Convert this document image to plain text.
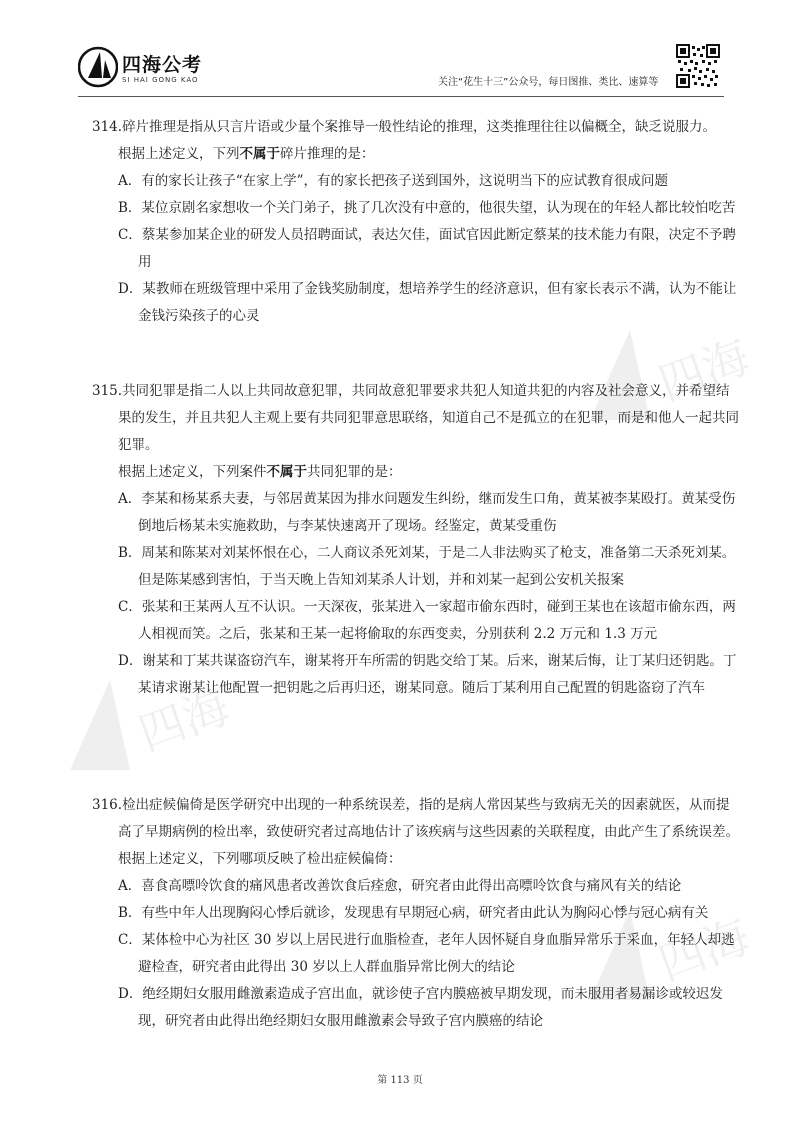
四海
四海
四海
四海公考
SI HAI GONG KAO	关注“花生十三”公众号，每日图推、类比、速算等

314.碎片推理是指从只言片语或少量个案推导一般性结论的推理，这类推理往往以偏概全，缺乏说服力。

根据上述定义，下列不属于碎片推理的是：

A．有的家长让孩子“在家上学”，有的家长把孩子送到国外，这说明当下的应试教育很成问题

B．某位京剧名家想收一个关门弟子，挑了几次没有中意的，他很失望，认为现在的年轻人都比较怕吃苦

C．蔡某参加某企业的研发人员招聘面试，表达欠佳，面试官因此断定蔡某的技术能力有限，决定不予聘用

D．某教师在班级管理中采用了金钱奖励制度，想培养学生的经济意识，但有家长表示不满，认为不能让金钱污染孩子的心灵

315.共同犯罪是指二人以上共同故意犯罪，共同故意犯罪要求共犯人知道共犯的内容及社会意义，并希望结果的发生，并且共犯人主观上要有共同犯罪意思联络，知道自己不是孤立的在犯罪，而是和他人一起共同犯罪。

根据上述定义，下列案件不属于共同犯罪的是：

A．李某和杨某系夫妻，与邻居黄某因为排水问题发生纠纷，继而发生口角，黄某被李某殴打。黄某受伤倒地后杨某未实施救助，与李某快速离开了现场。经鉴定，黄某受重伤

B．周某和陈某对刘某怀恨在心，二人商议杀死刘某，于是二人非法购买了枪支，准备第二天杀死刘某。但是陈某感到害怕，于当天晚上告知刘某杀人计划，并和刘某一起到公安机关报案

C．张某和王某两人互不认识。一天深夜，张某进入一家超市偷东西时，碰到王某也在该超市偷东西，两人相视而笑。之后，张某和王某一起将偷取的东西变卖，分别获利 2.2 万元和 1.3 万元

D．谢某和丁某共谋盗窃汽车，谢某将开车所需的钥匙交给丁某。后来，谢某后悔，让丁某归还钥匙。丁某请求谢某让他配置一把钥匙之后再归还，谢某同意。随后丁某利用自己配置的钥匙盗窃了汽车

316.检出症候偏倚是医学研究中出现的一种系统误差，指的是病人常因某些与致病无关的因素就医，从而提高了早期病例的检出率，致使研究者过高地估计了该疾病与这些因素的关联程度，由此产生了系统误差。

根据上述定义，下列哪项反映了检出症候偏倚：

A．喜食高嘌呤饮食的痛风患者改善饮食后痊愈，研究者由此得出高嘌呤饮食与痛风有关的结论

B．有些中年人出现胸闷心悸后就诊，发现患有早期冠心病，研究者由此认为胸闷心悸与冠心病有关

C．某体检中心为社区 30 岁以上居民进行血脂检查，老年人因怀疑自身血脂异常乐于采血，年轻人却逃避检查，研究者由此得出 30 岁以上人群血脂异常比例大的结论

D．绝经期妇女服用雌激素造成子宫出血，就诊使子宫内膜癌被早期发现，而未服用者易漏诊或较迟发现，研究者由此得出绝经期妇女服用雌激素会导致子宫内膜癌的结论

第 113 页
